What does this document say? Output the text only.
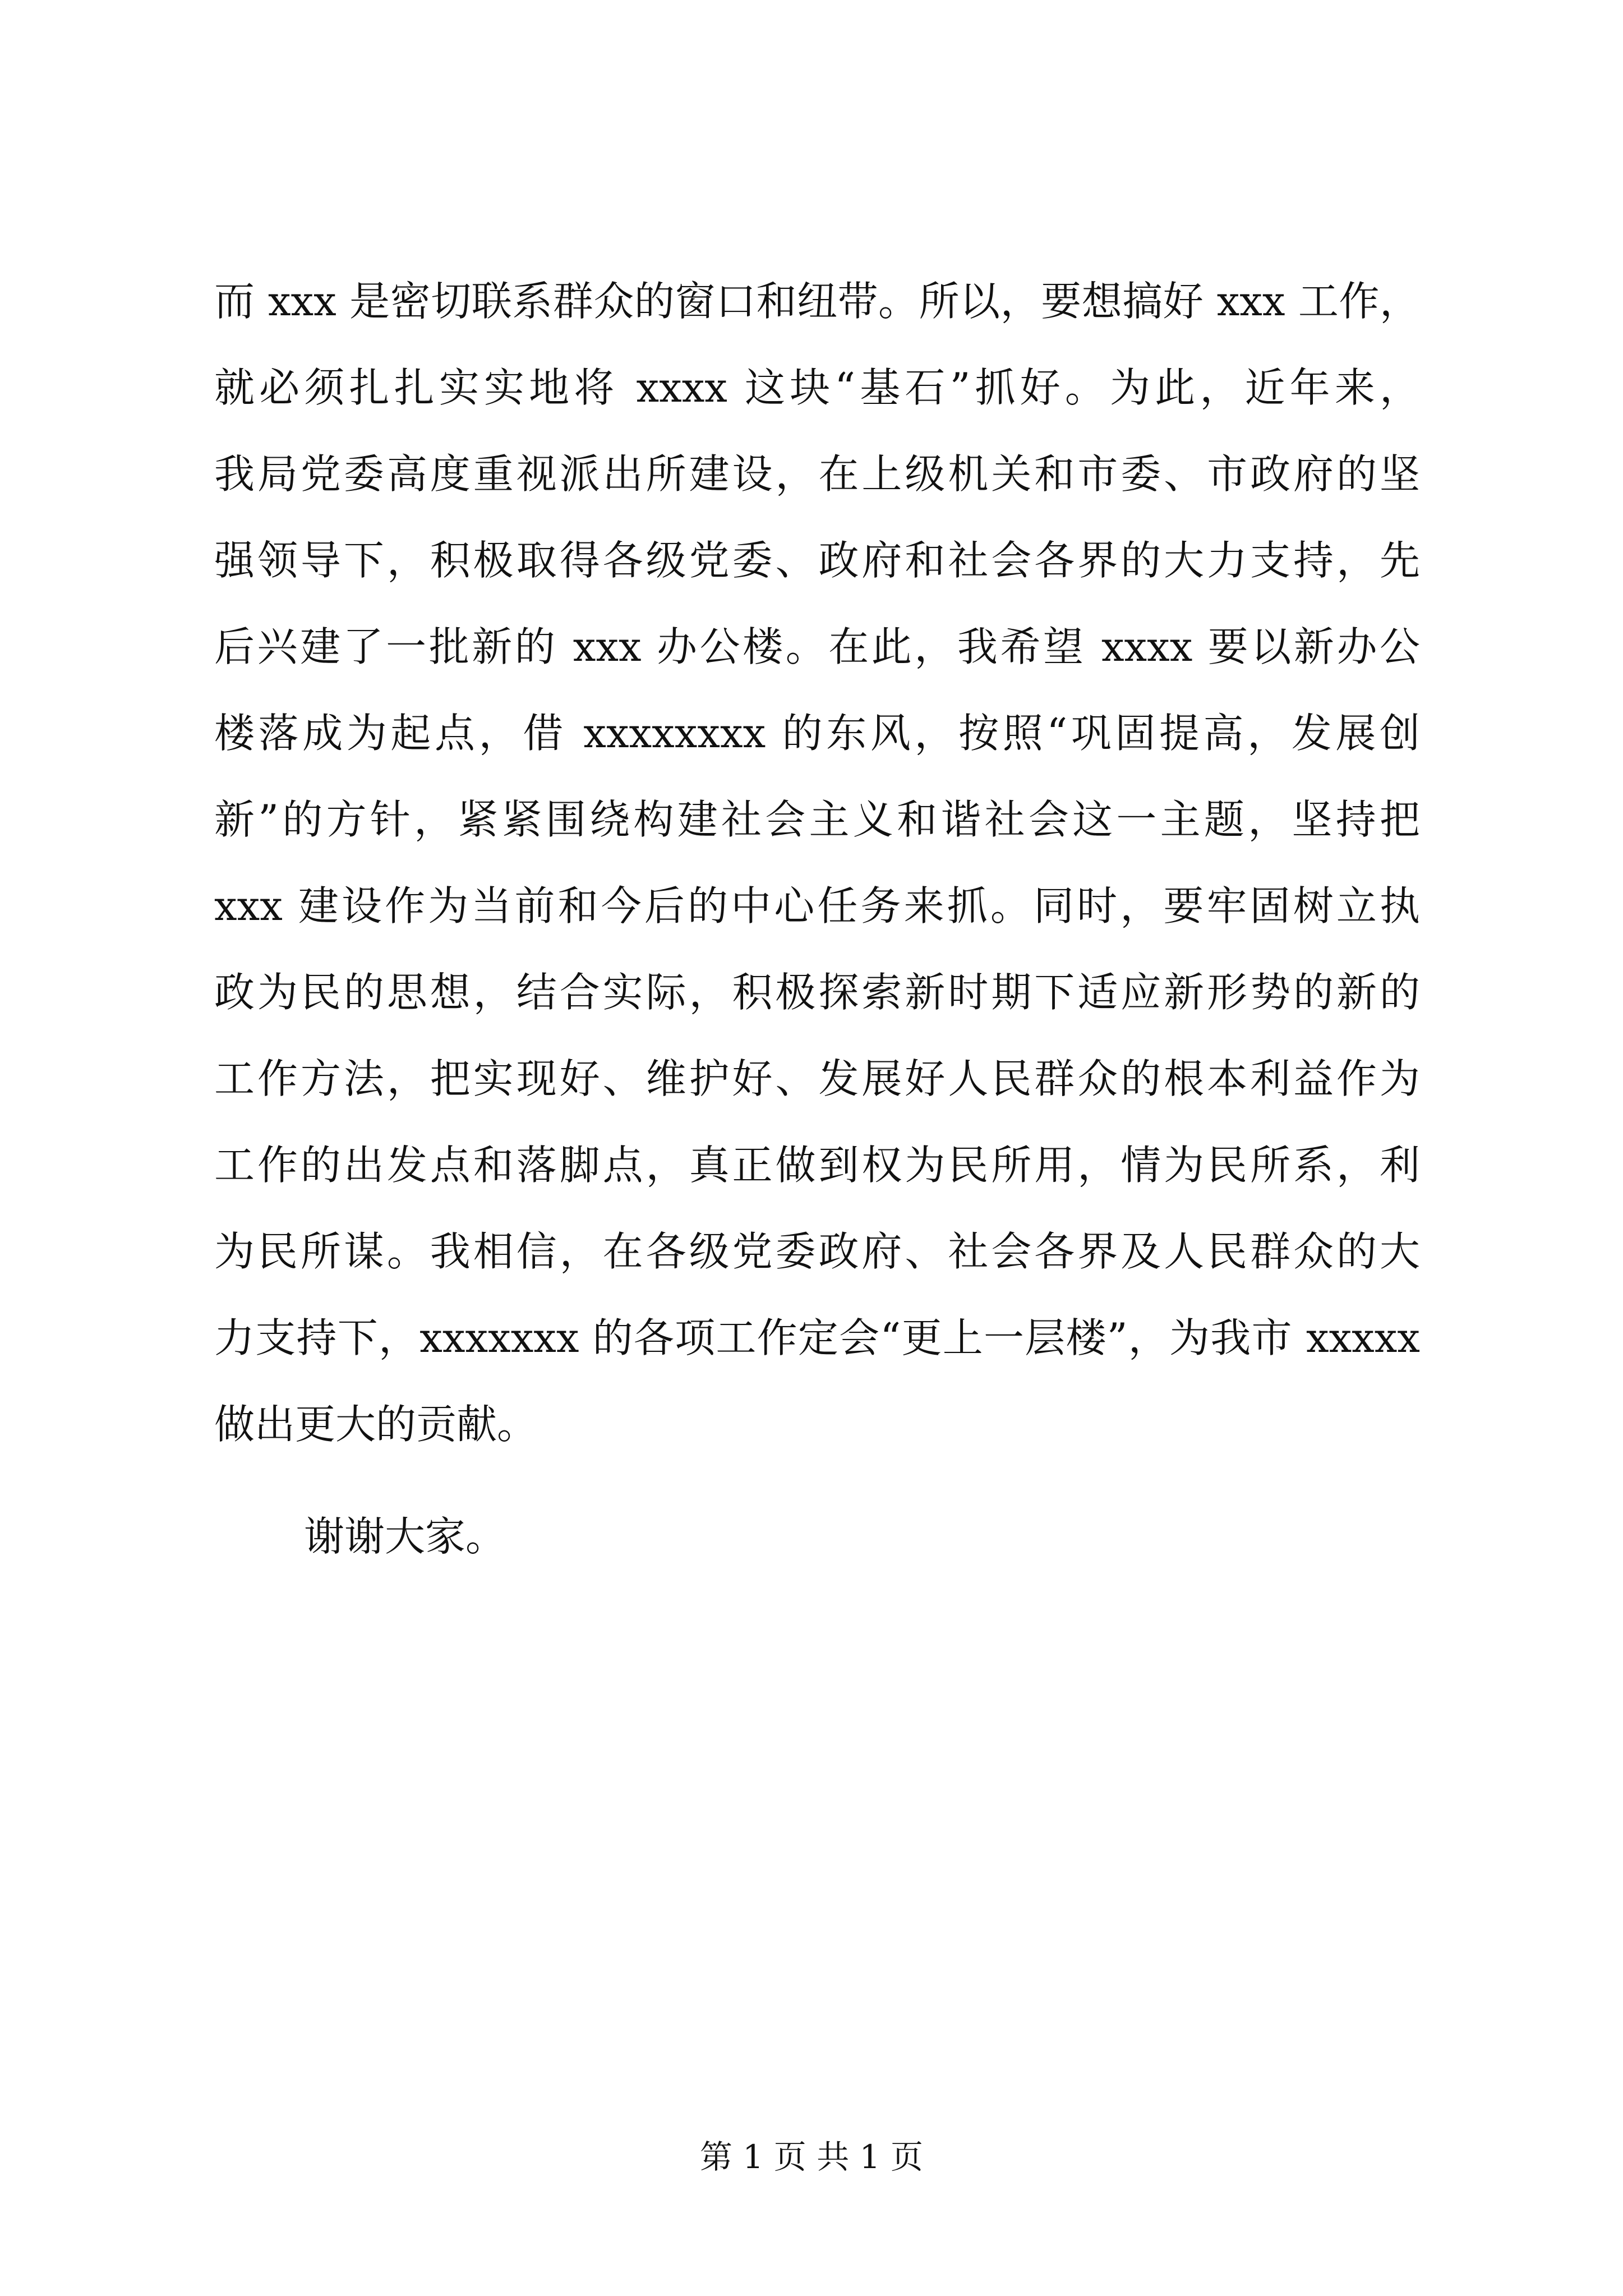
而 xxx 是密切联系群众的窗口和纽带。所以，要想搞好 xxx 工作，
就必须扎扎实实地将 xxxx 这块“基石”抓好。为此，近年来，
我局党委高度重视派出所建设，在上级机关和市委、市政府的坚
强领导下，积极取得各级党委、政府和社会各界的大力支持，先
后兴建了一批新的 xxx 办公楼。在此，我希望 xxxx 要以新办公
楼落成为起点，借 xxxxxxxx 的东风，按照“巩固提高，发展创
新”的方针，紧紧围绕构建社会主义和谐社会这一主题，坚持把
xxx 建设作为当前和今后的中心任务来抓。同时，要牢固树立执
政为民的思想，结合实际，积极探索新时期下适应新形势的新的
工作方法，把实现好、维护好、发展好人民群众的根本利益作为
工作的出发点和落脚点，真正做到权为民所用，情为民所系，利
为民所谋。我相信，在各级党委政府、社会各界及人民群众的大
力支持下，xxxxxxx 的各项工作定会“更上一层楼”，为我市 xxxxx
做出更大的贡献。

谢谢大家。

第 1 页 共 1 页
